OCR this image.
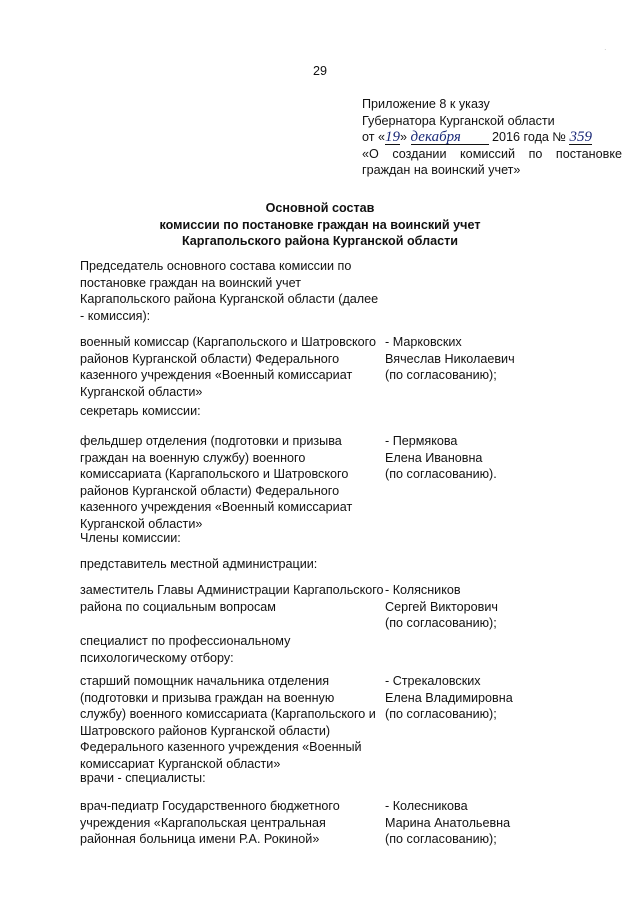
.
29
Приложение 8 к указу
Губернатора Курганской области
от «19» декабря 2016 года № 359
«О создании комиссий по постановке
граждан на воинский учет»
Основной состав
комиссии по постановке граждан на воинский учет
Каргапольского района Курганской области
Председатель основного состава комиссии по постановке граждан на воинский учет Каргапольского района Курганской области (далее - комиссия):
военный комиссар (Каргапольского и Шатровского районов Курганской области) Федерального казенного учреждения «Военный комиссариат Курганской области»
- Марковских
Вячеслав Николаевич
(по согласованию);
секретарь комиссии:
фельдшер отделения (подготовки и призыва граждан на военную службу) военного комиссариата (Каргапольского и Шатровского районов Курганской области) Федерального казенного учреждения «Военный комиссариат Курганской области»
- Пермякова
Елена Ивановна
(по согласованию).
Члены комиссии:
представитель местной администрации:
заместитель Главы Администрации Каргапольского района по социальным вопросам
- Колясников
Сергей Викторович
(по согласованию);
специалист по профессиональному психологическому отбору:
старший помощник начальника отделения (подготовки и призыва граждан на военную службу) военного комиссариата (Каргапольского и Шатровского районов Курганской области) Федерального казенного учреждения «Военный комиссариат Курганской области»
- Стрекаловских
Елена Владимировна
(по согласованию);
врачи - специалисты:
врач-педиатр Государственного бюджетного учреждения «Каргапольская центральная районная больница имени Р.А. Рокиной»
- Колесникова
Марина Анатольевна
(по согласованию);
